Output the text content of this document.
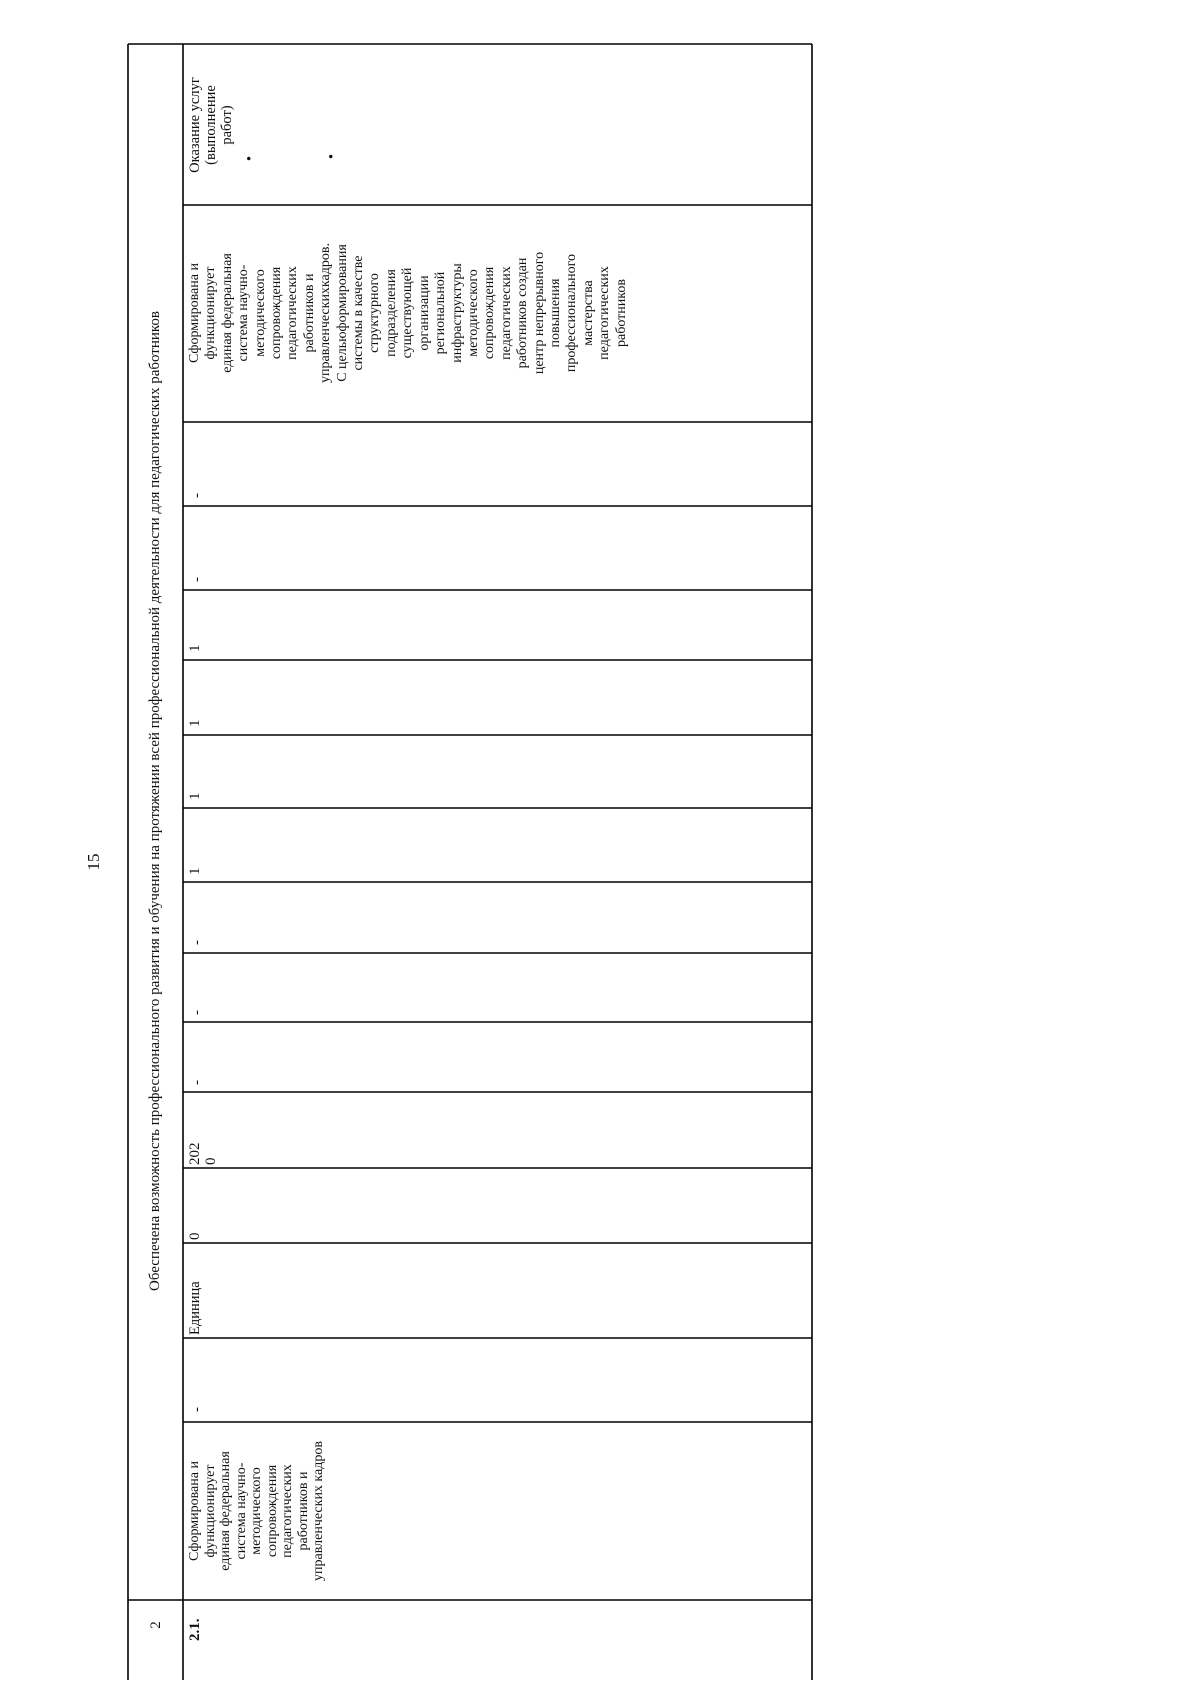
15
2
Обеспечена возможность профессионального развития и обучения на протяжении всей профессиональной деятельности для педагогических работников
2.1.
Сформирована и
функционирует
единая федеральная
система научно-
методического
сопровождения
педагогических
работников и
управленческих кадров
-
Единица
0
202
0
-
-
-
1
1
1
1
-
-
Сформирована и
функционирует
единая федеральная
система научно-
методического
сопровождения
педагогических
работников и
управленческихкадров.
С цельюформирования
системы в качестве
структурного
подразделения
существующей
организации
региональной
инфраструктуры
методического
сопровождения
педагогических
работников создан
центр непрерывного
повышения
профессионального
мастерства
педагогических
работников
Оказание услуг
(выполнение
работ)
•	•
